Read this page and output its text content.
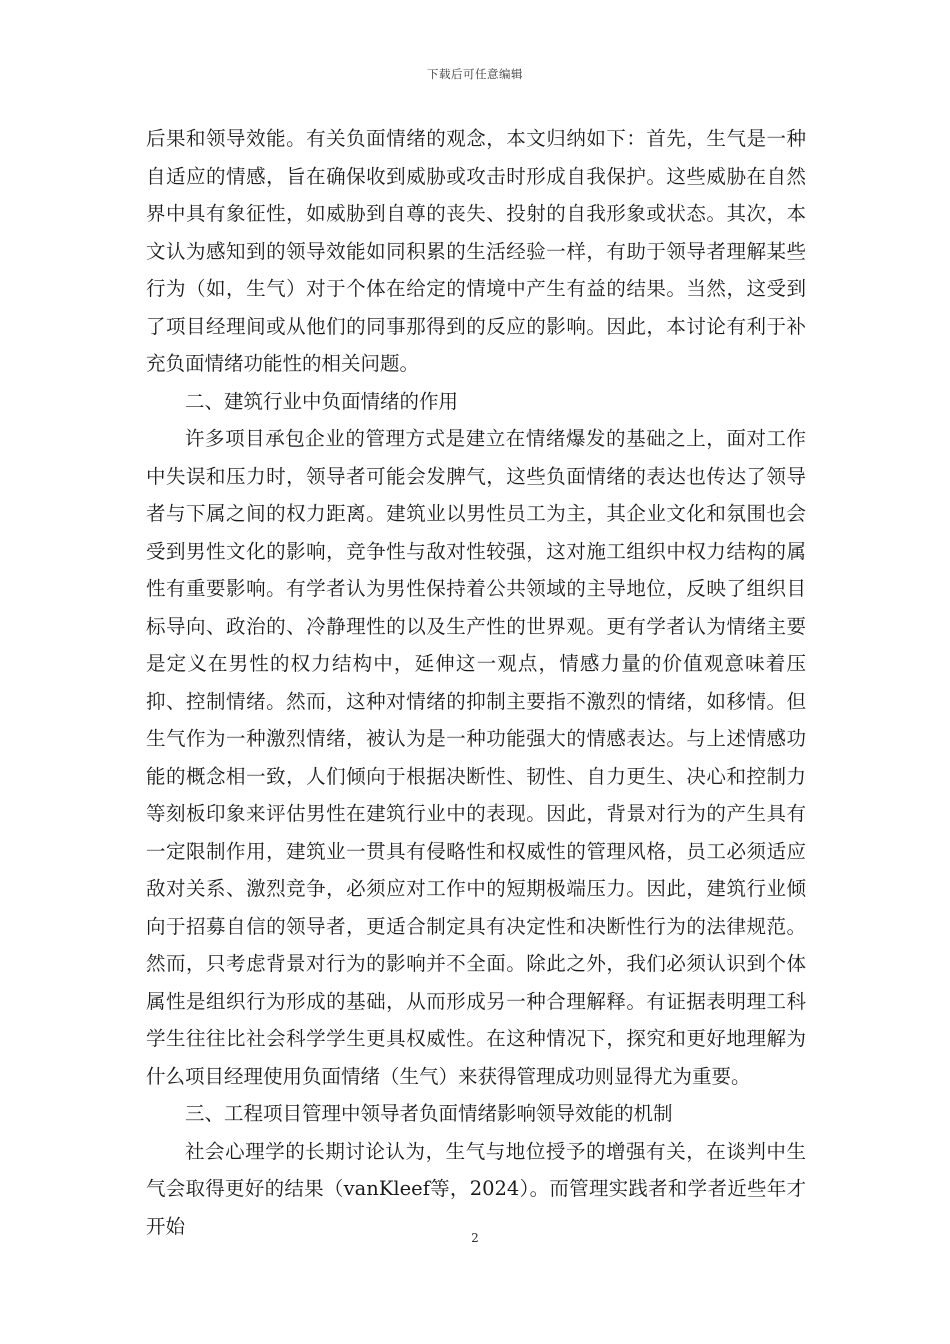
下载后可任意编辑

后果和领导效能。有关负面情绪的观念，本文归纳如下：首先，生气是一种自适应的情感，旨在确保收到威胁或攻击时形成自我保护。这些威胁在自然界中具有象征性，如威胁到自尊的丧失、投射的自我形象或状态。其次，本文认为感知到的领导效能如同积累的生活经验一样，有助于领导者理解某些行为（如，生气）对于个体在给定的情境中产生有益的结果。当然，这受到了项目经理间或从他们的同事那得到的反应的影响。因此，本讨论有利于补充负面情绪功能性的相关问题。

二、建筑行业中负面情绪的作用

许多项目承包企业的管理方式是建立在情绪爆发的基础之上，面对工作中失误和压力时，领导者可能会发脾气，这些负面情绪的表达也传达了领导者与下属之间的权力距离。建筑业以男性员工为主，其企业文化和氛围也会受到男性文化的影响，竞争性与敌对性较强，这对施工组织中权力结构的属性有重要影响。有学者认为男性保持着公共领域的主导地位，反映了组织目标导向、政治的、冷静理性的以及生产性的世界观。更有学者认为情绪主要是定义在男性的权力结构中，延伸这一观点，情感力量的价值观意味着压抑、控制情绪。然而，这种对情绪的抑制主要指不激烈的情绪，如移情。但生气作为一种激烈情绪，被认为是一种功能强大的情感表达。与上述情感功能的概念相一致，人们倾向于根据决断性、韧性、自力更生、决心和控制力等刻板印象来评估男性在建筑行业中的表现。因此，背景对行为的产生具有一定限制作用，建筑业一贯具有侵略性和权威性的管理风格，员工必须适应敌对关系、激烈竞争，必须应对工作中的短期极端压力。因此，建筑行业倾向于招募自信的领导者，更适合制定具有决定性和决断性行为的法律规范。然而，只考虑背景对行为的影响并不全面。除此之外，我们必须认识到个体属性是组织行为形成的基础，从而形成另一种合理解释。有证据表明理工科学生往往比社会科学学生更具权威性。在这种情况下，探究和更好地理解为什么项目经理使用负面情绪（生气）来获得管理成功则显得尤为重要。

三、工程项目管理中领导者负面情绪影响领导效能的机制

社会心理学的长期讨论认为，生气与地位授予的增强有关，在谈判中生气会取得更好的结果（vanKleef等，2024）。而管理实践者和学者近些年才开始

2
